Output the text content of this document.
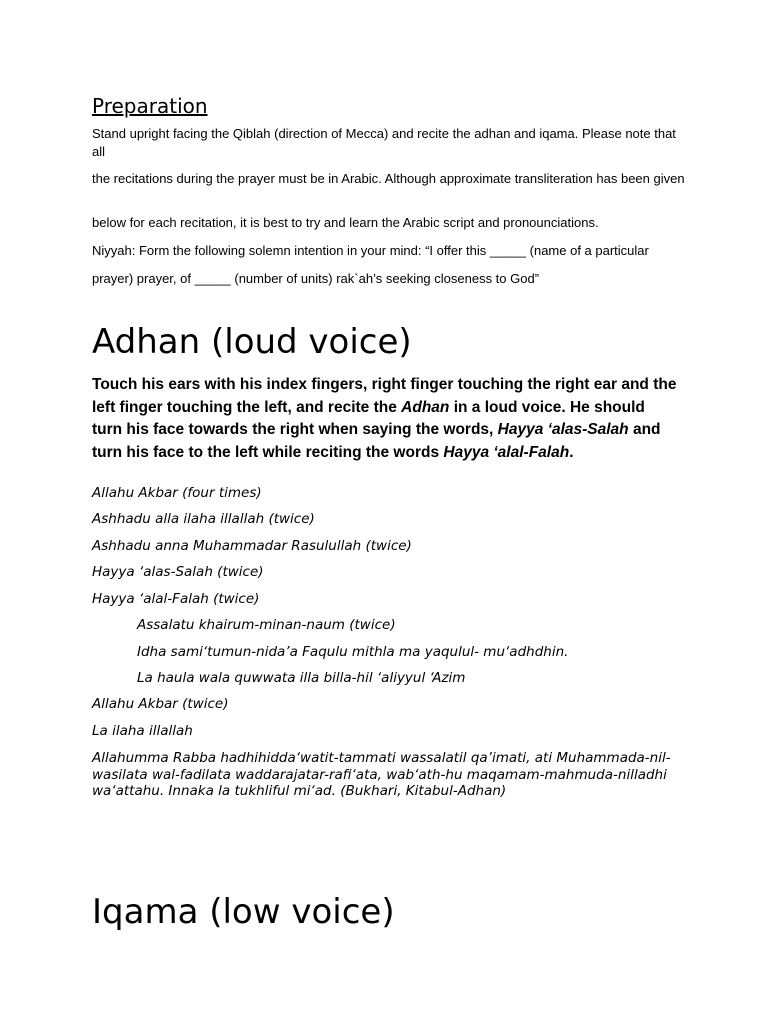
Preparation

Stand upright facing the Qiblah (direction of Mecca) and recite the adhan and iqama. Please note that all

the recitations during the prayer must be in Arabic. Although approximate transliteration has been given

below for each recitation, it is best to try and learn the Arabic script and pronounciations.

Niyyah: Form the following solemn intention in your mind: “I offer this _____ (name of a particular

prayer) prayer, of _____ (number of units) rak`ah’s seeking closeness to God”

Adhan (loud voice)

Touch his ears with his index fingers, right finger touching the right ear and the left finger touching the left, and recite the Adhan in a loud voice. He should turn his face towards the right when saying the words, Hayya ‘alas-Salah and turn his face to the left while reciting the words Hayya ‘alal-Falah.

Allahu Akbar (four times)

Ashhadu alla ilaha illallah (twice)

Ashhadu anna Muhammadar Rasulullah (twice)

Hayya ‘alas-Salah (twice)

Hayya ‘alal-Falah (twice)

Assalatu khairum-minan-naum (twice)

Idha sami‘tumun-nida’a Faqulu mithla ma yaqulul- mu‘adhdhin.

La haula wala quwwata illa billa-hil ‘aliyyul ‘Azim

Allahu Akbar (twice)

La ilaha illallah

Allahumma Rabba hadhihidda‘watit-tammati wassalatil qa’imati, ati Muhammada-nil-wasilata wal-fadilata waddarajatar-rafi‘ata, wab‘ath-hu maqamam-mahmuda-nilladhi wa‘attahu. Innaka la tukhliful mi‘ad. (Bukhari, Kitabul-Adhan)

Iqama (low voice)
